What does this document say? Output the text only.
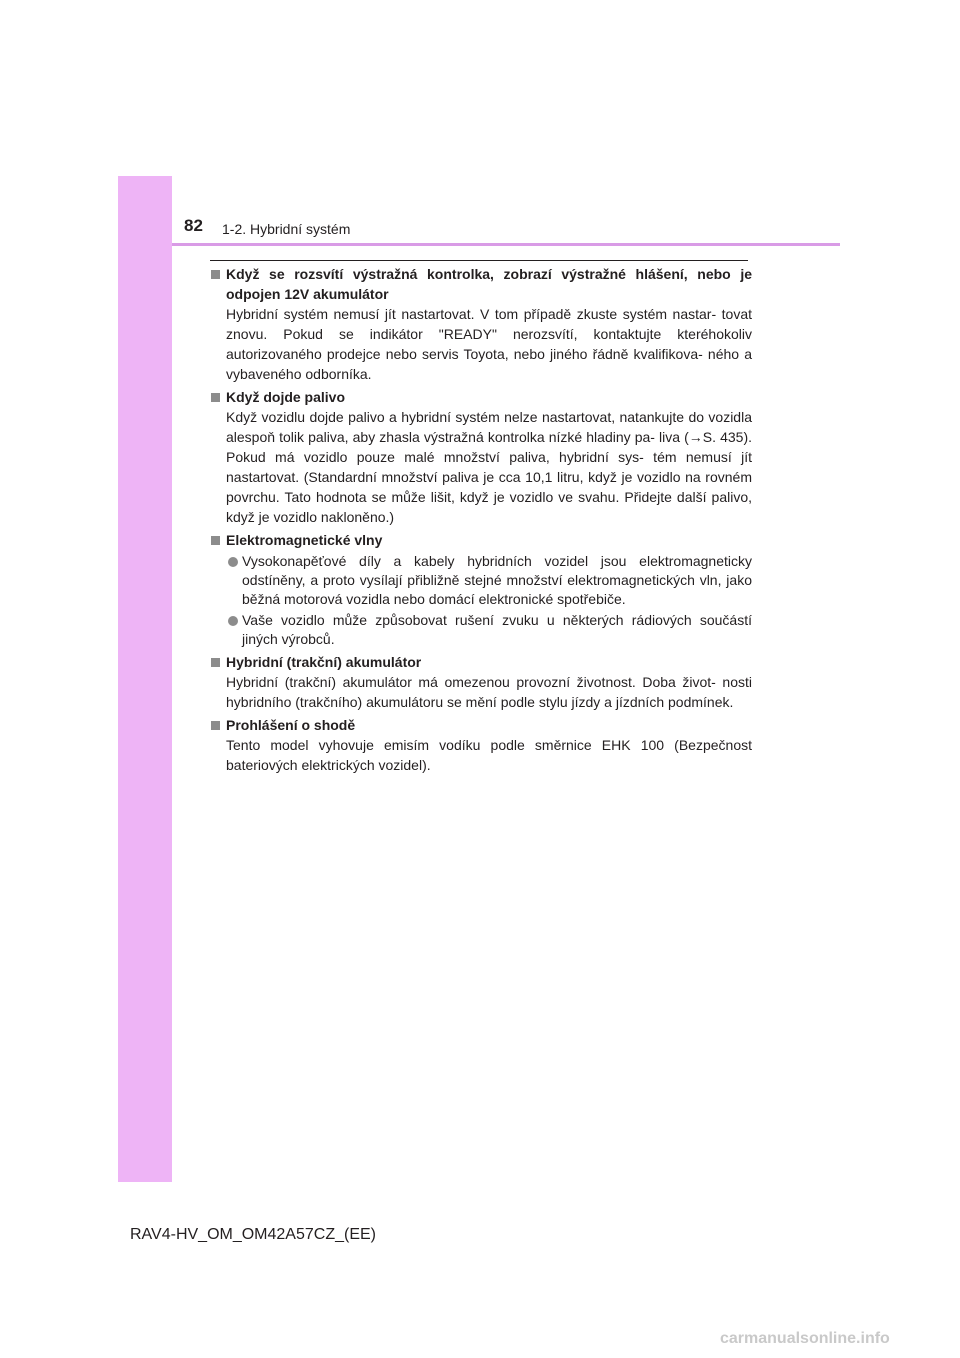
82 1-2. Hybridní systém
Když se rozsvítí výstražná kontrolka, zobrazí výstražné hlášení, nebo je odpojen 12V akumulátor
Hybridní systém nemusí jít nastartovat. V tom případě zkuste systém nastar- tovat znovu. Pokud se indikátor "READY" nerozsvítí, kontaktujte kteréhokoliv autorizovaného prodejce nebo servis Toyota, nebo jiného řádně kvalifikova- ného a vybaveného odborníka.
Když dojde palivo
Když vozidlu dojde palivo a hybridní systém nelze nastartovat, natankujte do vozidla alespoň tolik paliva, aby zhasla výstražná kontrolka nízké hladiny pa- liva (→S. 435). Pokud má vozidlo pouze malé množství paliva, hybridní sys- tém nemusí jít nastartovat. (Standardní množství paliva je cca 10,1 litru, když je vozidlo na rovném povrchu. Tato hodnota se může lišit, když je vozidlo ve svahu. Přidejte další palivo, když je vozidlo nakloněno.)
Elektromagnetické vlny
Vysokonapěťové díly a kabely hybridních vozidel jsou elektromagneticky odstíněny, a proto vysílají přibližně stejné množství elektromagnetických vln, jako běžná motorová vozidla nebo domácí elektronické spotřebiče.
Vaše vozidlo může způsobovat rušení zvuku u některých rádiových součástí jiných výrobců.
Hybridní (trakční) akumulátor
Hybridní (trakční) akumulátor má omezenou provozní životnost. Doba život- nosti hybridního (trakčního) akumulátoru se mění podle stylu jízdy a jízdních podmínek.
Prohlášení o shodě
Tento model vyhovuje emisím vodíku podle směrnice EHK 100 (Bezpečnost bateriových elektrických vozidel).
RAV4-HV_OM_OM42A57CZ_(EE)
carmanualsonline.info
